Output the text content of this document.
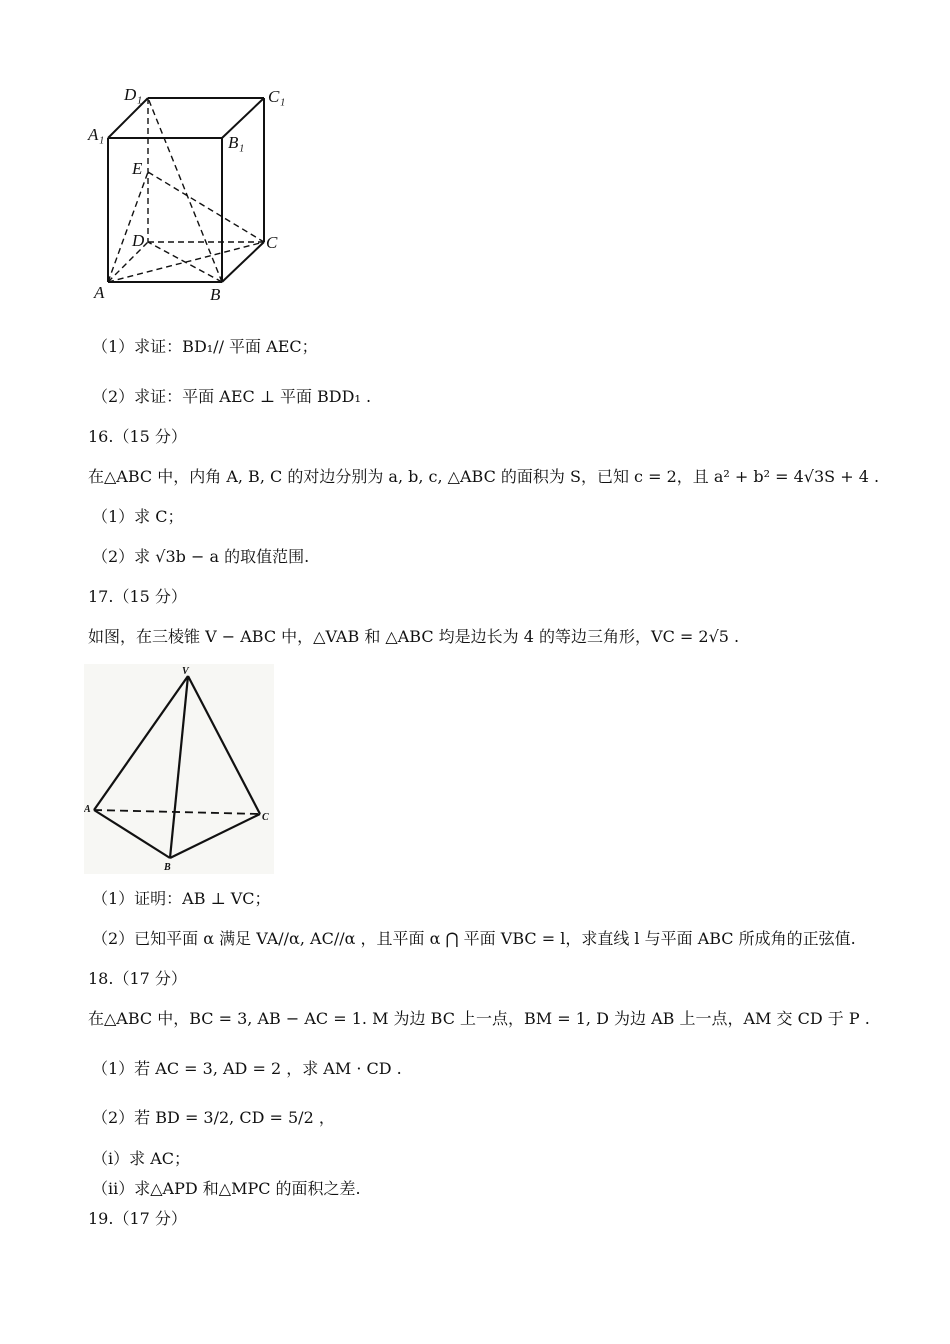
D₁	C₁
A₁	B₁
E
D	C
A	B
（1）求证：BD₁// 平面 AEC；
（2）求证：平面 AEC ⊥ 平面 BDD₁ .
16.（15 分）
在△ABC 中，内角 A, B, C 的对边分别为 a, b, c, △ABC 的面积为 S，已知 c = 2，且 a² + b² = 4√3S + 4 .
（1）求 C；
（2）求 √3b − a 的取值范围.
17.（15 分）
如图，在三棱锥 V − ABC 中，△VAB 和 △ABC 均是边长为 4 的等边三角形，VC = 2√5 .
V
A
C
B
（1）证明：AB ⊥ VC；
（2）已知平面 α 满足 VA//α, AC//α ，且平面 α ⋂ 平面 VBC = l，求直线 l 与平面 ABC 所成角的正弦值.
18.（17 分）
在△ABC 中，BC = 3, AB − AC = 1. M 为边 BC 上一点，BM = 1, D 为边 AB 上一点，AM 交 CD 于 P .
（1）若 AC = 3, AD = 2 ，求 AM · CD .
（2）若 BD = 3/2, CD = 5/2 ，
（i）求 AC；
（ii）求△APD 和△MPC 的面积之差.
19.（17 分）
